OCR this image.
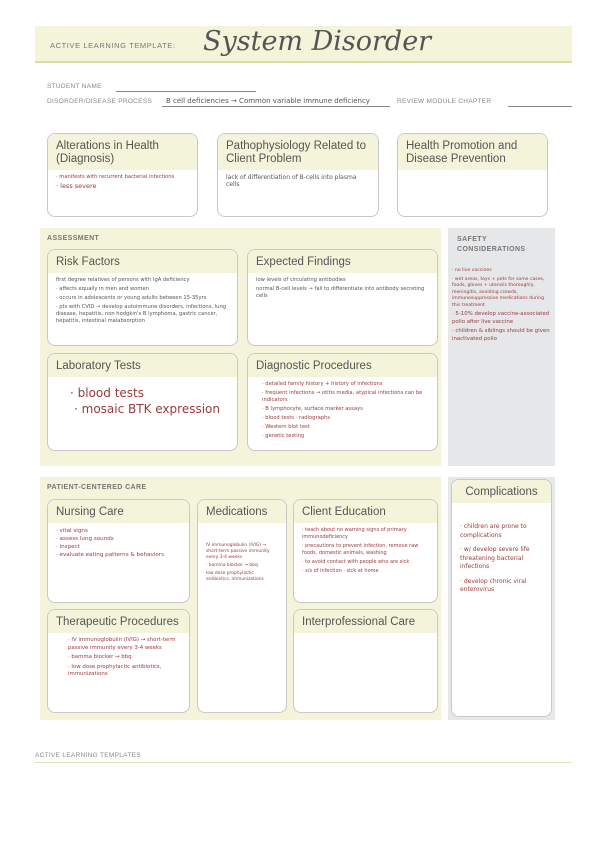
ACTIVE LEARNING TEMPLATE: System Disorder
STUDENT NAME
DISORDER/DISEASE PROCESS B cell deficiencies → Common variable immune deficiency	REVIEW MODULE CHAPTER
Alterations in Health (Diagnosis)
· manifests with recurrent bacterial infections
· less severe
Pathophysiology Related to Client Problem
lack of differentiation of B-cells into plasma cells
Health Promotion and Disease Prevention
ASSESSMENT
Risk Factors
first degree relatives of persons with IgA deficiency
· affects equally in men and women
· occurs in adolescents or young adults between 15-35yrs
· pts with CVID → develop autoimmune disorders, infections, lung disease, hepatitis, non hodgkin's B lymphoma, gastric cancer, hepatitis, intestinal malabsorption
Expected Findings
low levels of circulating antibodies
normal B-cell levels → fail to differentiate into antibody secreting cells
Laboratory Tests
· blood tests
· mosaic BTK expression
Diagnostic Procedures
· detailed family history + history of infections
· frequent infections → otitis media, atypical infections can be indicators
· B lymphocyte, surface marker assays
· blood tests · radiographs
· Western blot test
· genetic testing
SAFETY CONSIDERATIONS
· no live vaccines
· wet areas, toys + pets for some cases, foods, gloves + utensils thoroughly, meningitis, avoiding crowds, immunosuppressive medications during this treatment
· 5-10% develop vaccine-associated polio after live vaccine
· children & siblings should be given inactivated polio
PATIENT-CENTERED CARE
Nursing Care
· vital signs
· assess lung sounds
· inspect
· evaluate eating patterns & behaviors
Medications
IV immunoglobulin (IVIG) → short-term passive immunity every 3-4 weeks
· bamma blocker → bbq
low dose prophylactic antibiotics, immunizations
Client Education
· teach about no warning signs of primary immunodeficiency
· precautions to prevent infection, remove raw foods, domestic animals, washing
· to avoid contact with people who are sick
· s/s of infection · sick at home
Therapeutic Procedures
· IV immunoglobulin (IVIG) → short-term passive immunity every 3-4 weeks
· bamma blocker → bbq
· low dose prophylactic antibiotics, immunizations
Interprofessional Care
Complications
· children are prone to complications
· w/ develop severe life threatening bacterial infections
· develop chronic viral enterovirus
ACTIVE LEARNING TEMPLATES
